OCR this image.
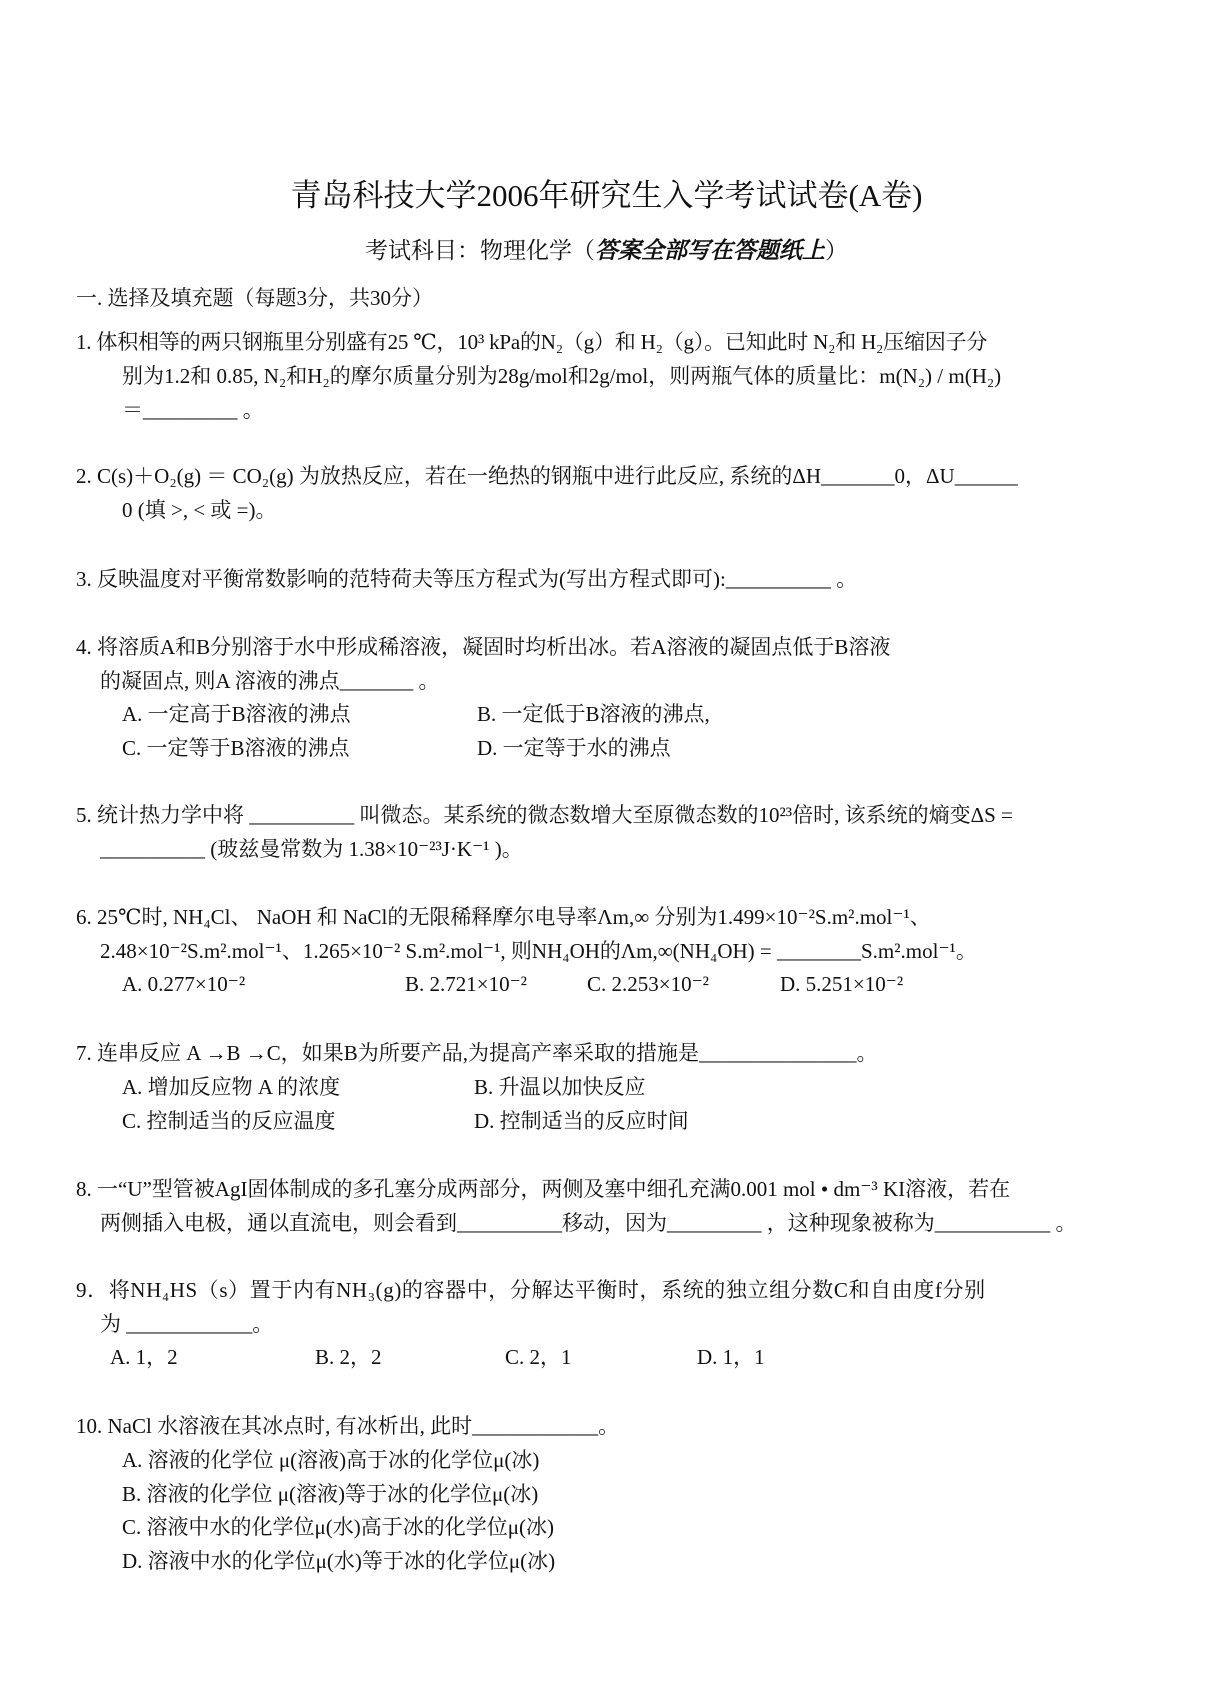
青岛科技大学2006年研究生入学考试试卷(A卷)
考试科目：物理化学（答案全部写在答题纸上）
一. 选择及填充题（每题3分，共30分）
1. 体积相等的两只钢瓶里分别盛有25 ℃，10³ kPa的N₂（g）和 H₂（g）。已知此时 N₂和 H₂压缩因子分
别为1.2和 0.85, N₂和H₂的摩尔质量分别为28g/mol和2g/mol，则两瓶气体的质量比：m(N₂) / m(H₂)
＝_________ 。
2. C(s)＋O₂(g) ＝ CO₂(g) 为放热反应，若在一绝热的钢瓶中进行此反应, 系统的ΔH_______0，ΔU______
0 (填 >, < 或 =)。
3. 反映温度对平衡常数影响的范特荷夫等压方程式为(写出方程式即可):__________ 。
4. 将溶质A和B分别溶于水中形成稀溶液，凝固时均析出冰。若A溶液的凝固点低于B溶液
的凝固点, 则A 溶液的沸点_______ 。
A. 一定高于B溶液的沸点	B. 一定低于B溶液的沸点,
C. 一定等于B溶液的沸点	D. 一定等于水的沸点
5. 统计热力学中将 __________ 叫微态。某系统的微态数增大至原微态数的10²³倍时, 该系统的熵变ΔS =
__________ (玻兹曼常数为 1.38×10⁻²³J·K⁻¹ )。
6. 25℃时, NH₄Cl、 NaOH 和 NaCl的无限稀释摩尔电导率Λm,∞ 分别为1.499×10⁻²S.m².mol⁻¹、
2.48×10⁻²S.m².mol⁻¹、1.265×10⁻² S.m².mol⁻¹, 则NH₄OH的Λm,∞(NH₄OH) = ________S.m².mol⁻¹。
A. 0.277×10⁻²	B. 2.721×10⁻²	C. 2.253×10⁻²	D. 5.251×10⁻²
7. 连串反应 A →B →C，如果B为所要产品,为提高产率采取的措施是_______________。
A. 增加反应物 A 的浓度	B. 升温以加快反应
C. 控制适当的反应温度	D. 控制适当的反应时间
8. 一“U”型管被AgI固体制成的多孔塞分成两部分，两侧及塞中细孔充满0.001 mol • dm⁻³ KI溶液，若在
两侧插入电极，通以直流电，则会看到__________移动，因为_________ ，这种现象被称为___________ 。
9．将NH₄HS（s）置于内有NH₃(g)的容器中，分解达平衡时，系统的独立组分数C和自由度f分别
为 ____________。
A. 1，2	B. 2，2	C. 2，1	D. 1，1
10. NaCl 水溶液在其冰点时, 有冰析出, 此时____________。
A. 溶液的化学位 μ(溶液)高于冰的化学位μ(冰)
B. 溶液的化学位 μ(溶液)等于冰的化学位μ(冰)
C. 溶液中水的化学位μ(水)高于冰的化学位μ(冰)
D. 溶液中水的化学位μ(水)等于冰的化学位μ(冰)
